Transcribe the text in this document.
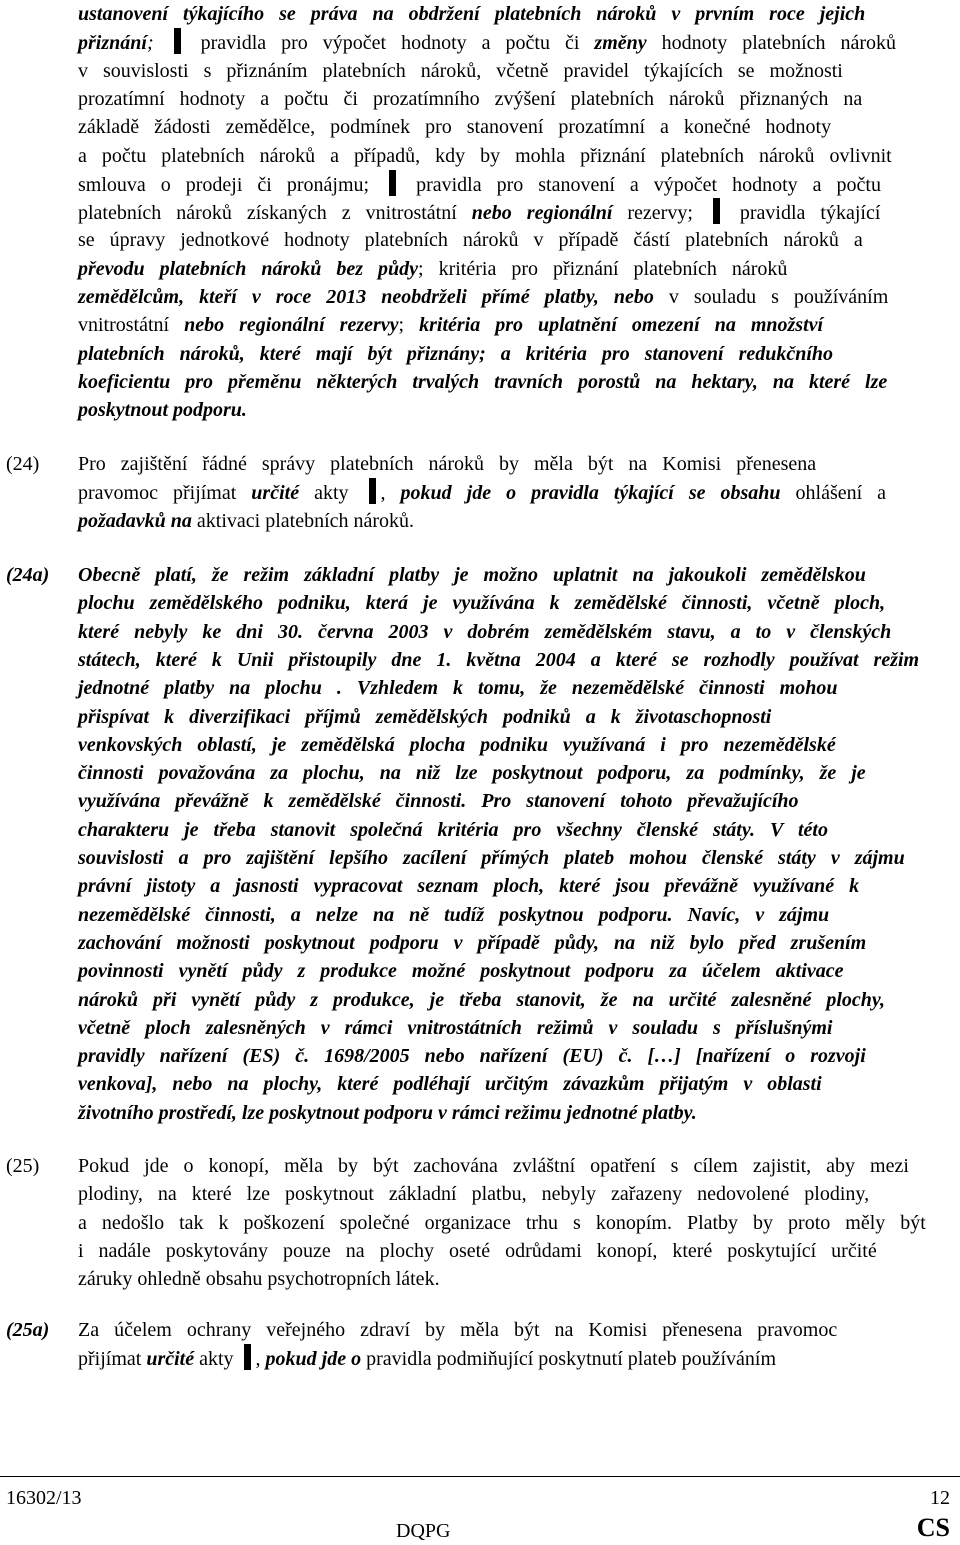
ustanovení týkajícího se práva na obdržení platebních nároků v prvním roce jejich
přiznání;  pravidla pro výpočet hodnoty a počtu či změny hodnoty platebních nároků
v souvislosti s přiznáním platebních nároků, včetně pravidel týkajících se možnosti
prozatímní hodnoty a počtu či prozatímního zvýšení platebních nároků přiznaných na
základě žádosti zemědělce, podmínek pro stanovení prozatímní a konečné hodnoty
a počtu platebních nároků a případů, kdy by mohla přiznání platebních nároků ovlivnit
smlouva o prodeji či pronájmu;  pravidla pro stanovení a výpočet hodnoty a počtu
platebních nároků získaných z vnitrostátní nebo regionální rezervy;  pravidla týkající
se úpravy jednotkové hodnoty platebních nároků v případě částí platebních nároků a
převodu platebních nároků bez půdy; kritéria pro přiznání platebních nároků
zemědělcům, kteří v roce 2013 neobdrželi přímé platby, nebo v souladu s používáním
vnitrostátní nebo regionální rezervy; kritéria pro uplatnění omezení na množství
platebních nároků, které mají být přiznány; a kritéria pro stanovení redukčního
koeficientu pro přeměnu některých trvalých travních porostů na hektary, na které lze
poskytnout podporu.
(24) Pro zajištění řádné správy platebních nároků by měla být na Komisi přenesena
pravomoc přijímat určité akty , pokud jde o pravidla týkající se obsahu ohlášení a
požadavků na aktivaci platebních nároků.
(24a) Obecně platí, že režim základní platby je možno uplatnit na jakoukoli zemědělskou
plochu zemědělského podniku, která je využívána k zemědělské činnosti, včetně ploch,
které nebyly ke dni 30. června 2003 v dobrém zemědělském stavu, a to v členských
státech, které k Unii přistoupily dne 1. května 2004 a které se rozhodly používat režim
jednotné platby na plochu . Vzhledem k tomu, že nezemědělské činnosti mohou
přispívat k diverzifikaci příjmů zemědělských podniků a k životaschopnosti
venkovských oblastí, je zemědělská plocha podniku využívaná i pro nezemědělské
činnosti považována za plochu, na niž lze poskytnout podporu, za podmínky, že je
využívána převážně k zemědělské činnosti. Pro stanovení tohoto převažujícího
charakteru je třeba stanovit společná kritéria pro všechny členské státy. V této
souvislosti a pro zajištění lepšího zacílení přímých plateb mohou členské státy v zájmu
právní jistoty a jasnosti vypracovat seznam ploch, které jsou převážně využívané k
nezemědělské činnosti, a nelze na ně tudíž poskytnou podporu. Navíc, v zájmu
zachování možnosti poskytnout podporu v případě půdy, na niž bylo před zrušením
povinnosti vynětí půdy z produkce možné poskytnout podporu za účelem aktivace
nároků při vynětí půdy z produkce, je třeba stanovit, že na určité zalesněné plochy,
včetně ploch zalesněných v rámci vnitrostátních režimů v souladu s příslušnými
pravidly nařízení (ES) č. 1698/2005 nebo nařízení (EU) č. […] [nařízení o rozvoji
venkova], nebo na plochy, které podléhají určitým závazkům přijatým v oblasti
životního prostředí, lze poskytnout podporu v rámci režimu jednotné platby.
(25) Pokud jde o konopí, měla by být zachována zvláštní opatření s cílem zajistit, aby mezi
plodiny, na které lze poskytnout základní platbu, nebyly zařazeny nedovolené plodiny,
a nedošlo tak k poškození společné organizace trhu s konopím. Platby by proto měly být
i nadále poskytovány pouze na plochy oseté odrůdami konopí, které poskytující určité
záruky ohledně obsahu psychotropních látek.
(25a) Za účelem ochrany veřejného zdraví by měla být na Komisi přenesena pravomoc
přijímat určité akty , pokud jde o pravidla podmiňující poskytnutí plateb používáním
16302/13	12
DQPG	CS
